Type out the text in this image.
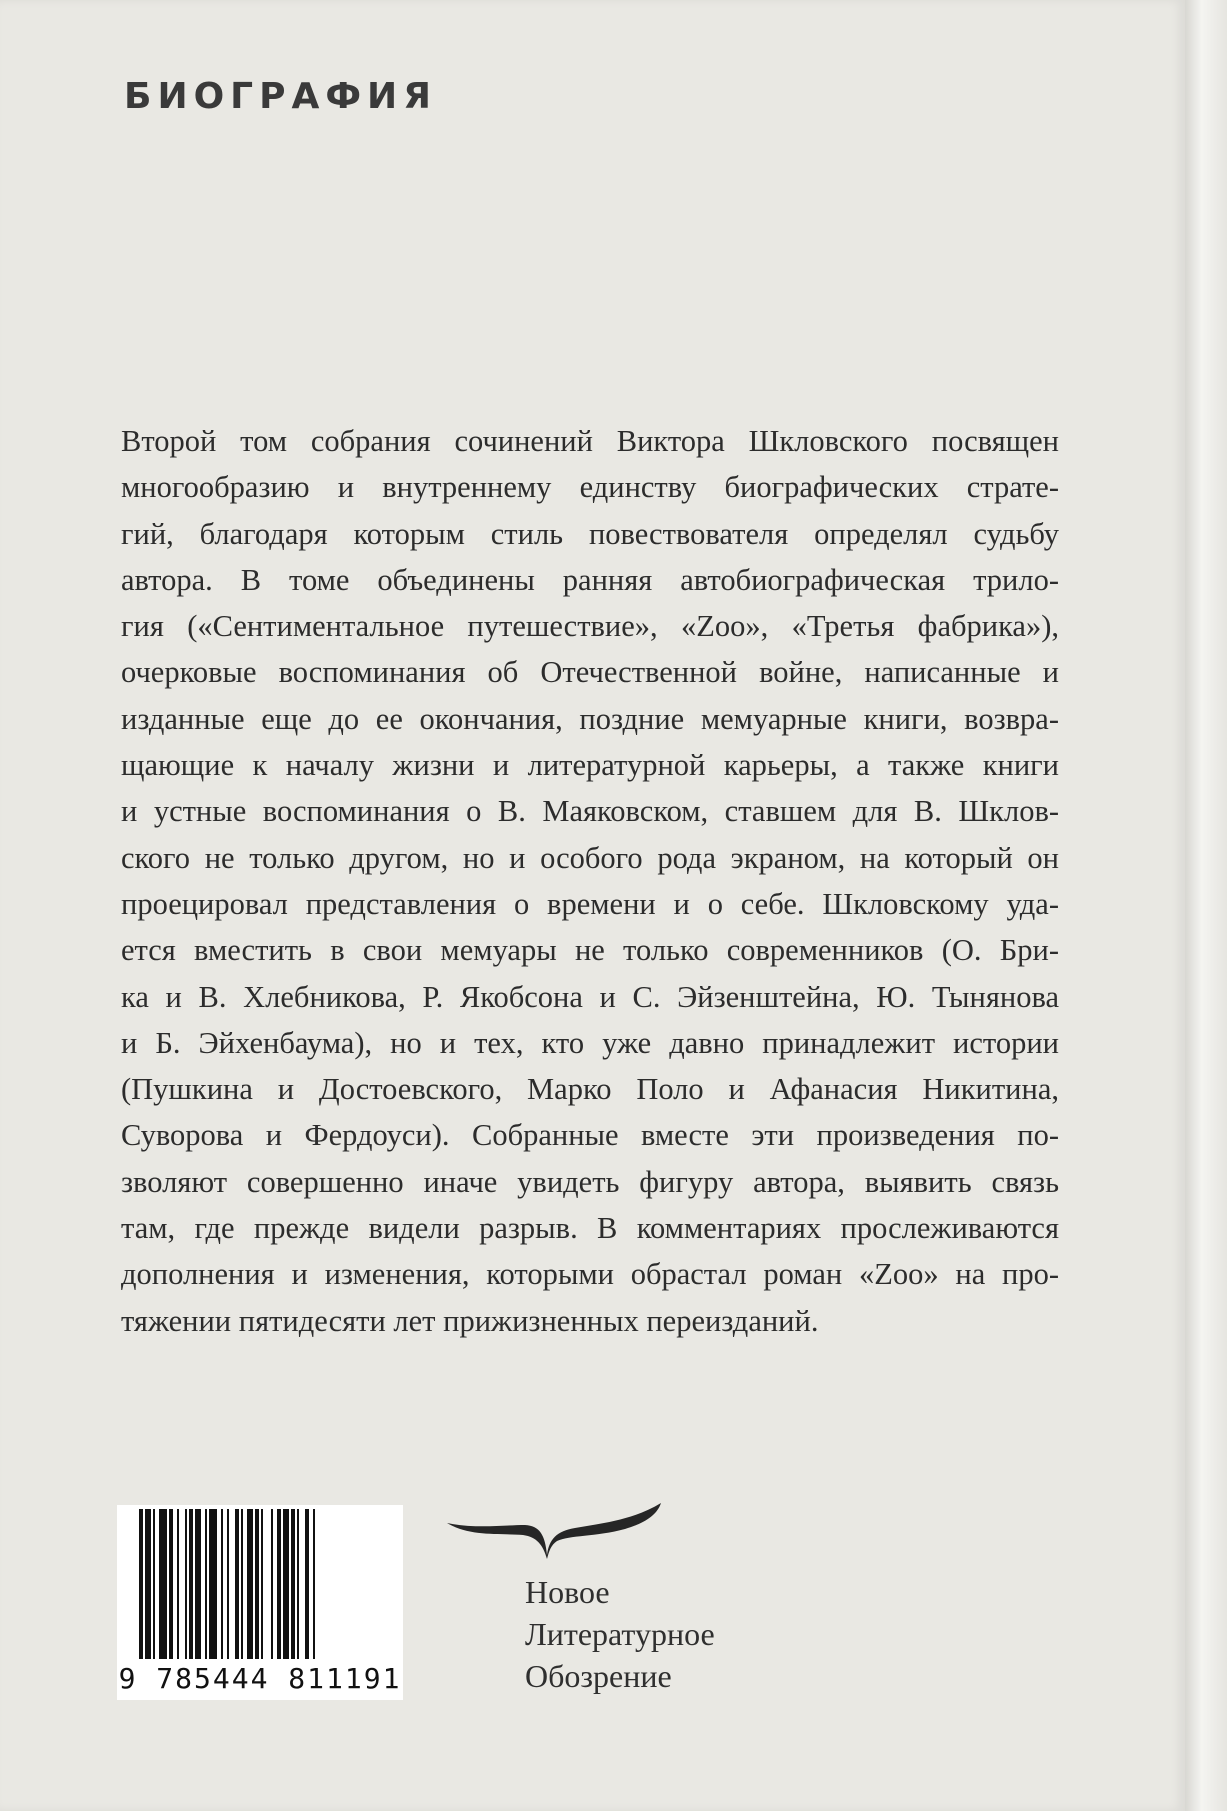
БИОГРАФИЯ

Второй том собрания сочинений Виктора Шкловского посвящен
многообразию и внутреннему единству биографических страте-
гий, благодаря которым стиль повествователя определял судьбу
автора. В томе объединены ранняя автобиографическая трило-
гия («Сентиментальное путешествие», «Zoo», «Третья фабрика»),
очерковые воспоминания об Отечественной войне, написанные и
изданные еще до ее окончания, поздние мемуарные книги, возвра-
щающие к началу жизни и литературной карьеры, а также книги
и устные воспоминания о В. Маяковском, ставшем для В. Шклов-
ского не только другом, но и особого рода экраном, на который он
проецировал представления о времени и о себе. Шкловскому уда-
ется вместить в свои мемуары не только современников (О. Бри-
ка и В. Хлебникова, Р. Якобсона и С. Эйзенштейна, Ю. Тынянова
и Б. Эйхенбаума), но и тех, кто уже давно принадлежит истории
(Пушкина и Достоевского, Марко Поло и Афанасия Никитина,
Суворова и Фердоуси). Собранные вместе эти произведения по-
зволяют совершенно иначе увидеть фигуру автора, выявить связь
там, где прежде видели разрыв. В комментариях прослеживаются
дополнения и изменения, которыми обрастал роман «Zoo» на про-
тяжении пятидесяти лет прижизненных переизданий.

9 785444 811191
Новое
Литературное
Обозрение
